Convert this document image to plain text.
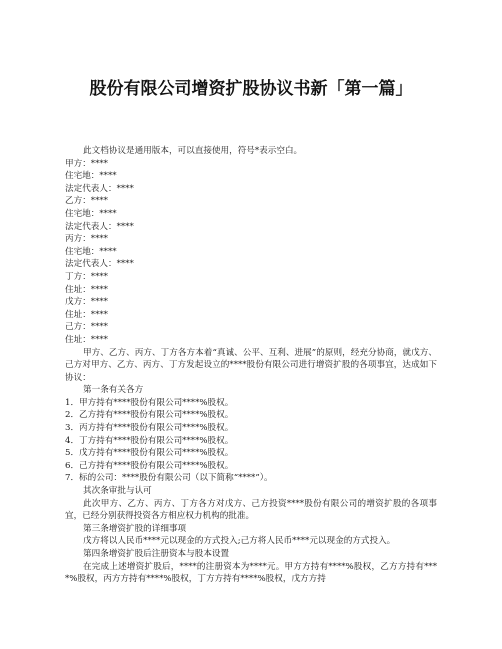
股份有限公司增资扩股协议书新「第一篇」

此文档协议是通用版本，可以直接使用，符号*表示空白。

甲方：****

住宅地：****

法定代表人：****

乙方：****

住宅地：****

法定代表人：****

丙方：****

住宅地：****

法定代表人：****

丁方：****

住址：****

戊方：****

住址：****

己方：****

住址：****

甲方、乙方、丙方、丁方各方本着“真诚、公平、互利、进展”的原则，经充分协商，就戊方、己方对甲方、乙方、丙方、丁方发起设立的****股份有限公司进行增资扩股的各项事宜，达成如下协议：

第一条有关各方

1．甲方持有****股份有限公司****%股权。

2．乙方持有****股份有限公司****%股权。

3．丙方持有****股份有限公司****%股权。

4．丁方持有****股份有限公司****%股权。

5．戊方持有****股份有限公司****%股权。

6．己方持有****股份有限公司****%股权。

7．标的公司：****股份有限公司（以下简称“****”）。

其次条审批与认可

此次甲方、乙方、丙方、丁方各方对戊方、己方投资****股份有限公司的增资扩股的各项事宜，已经分别获得投资各方相应权力机构的批准。

第三条增资扩股的详细事项

戊方将以人民币****元以现金的方式投入;己方将人民币****元以现金的方式投入。

第四条增资扩股后注册资本与股本设置

在完成上述增资扩股后，****的注册资本为****元。甲方方持有****%股权，乙方方持有****%股权，丙方方持有****%股权，丁方方持有****%股权，戊方方持
